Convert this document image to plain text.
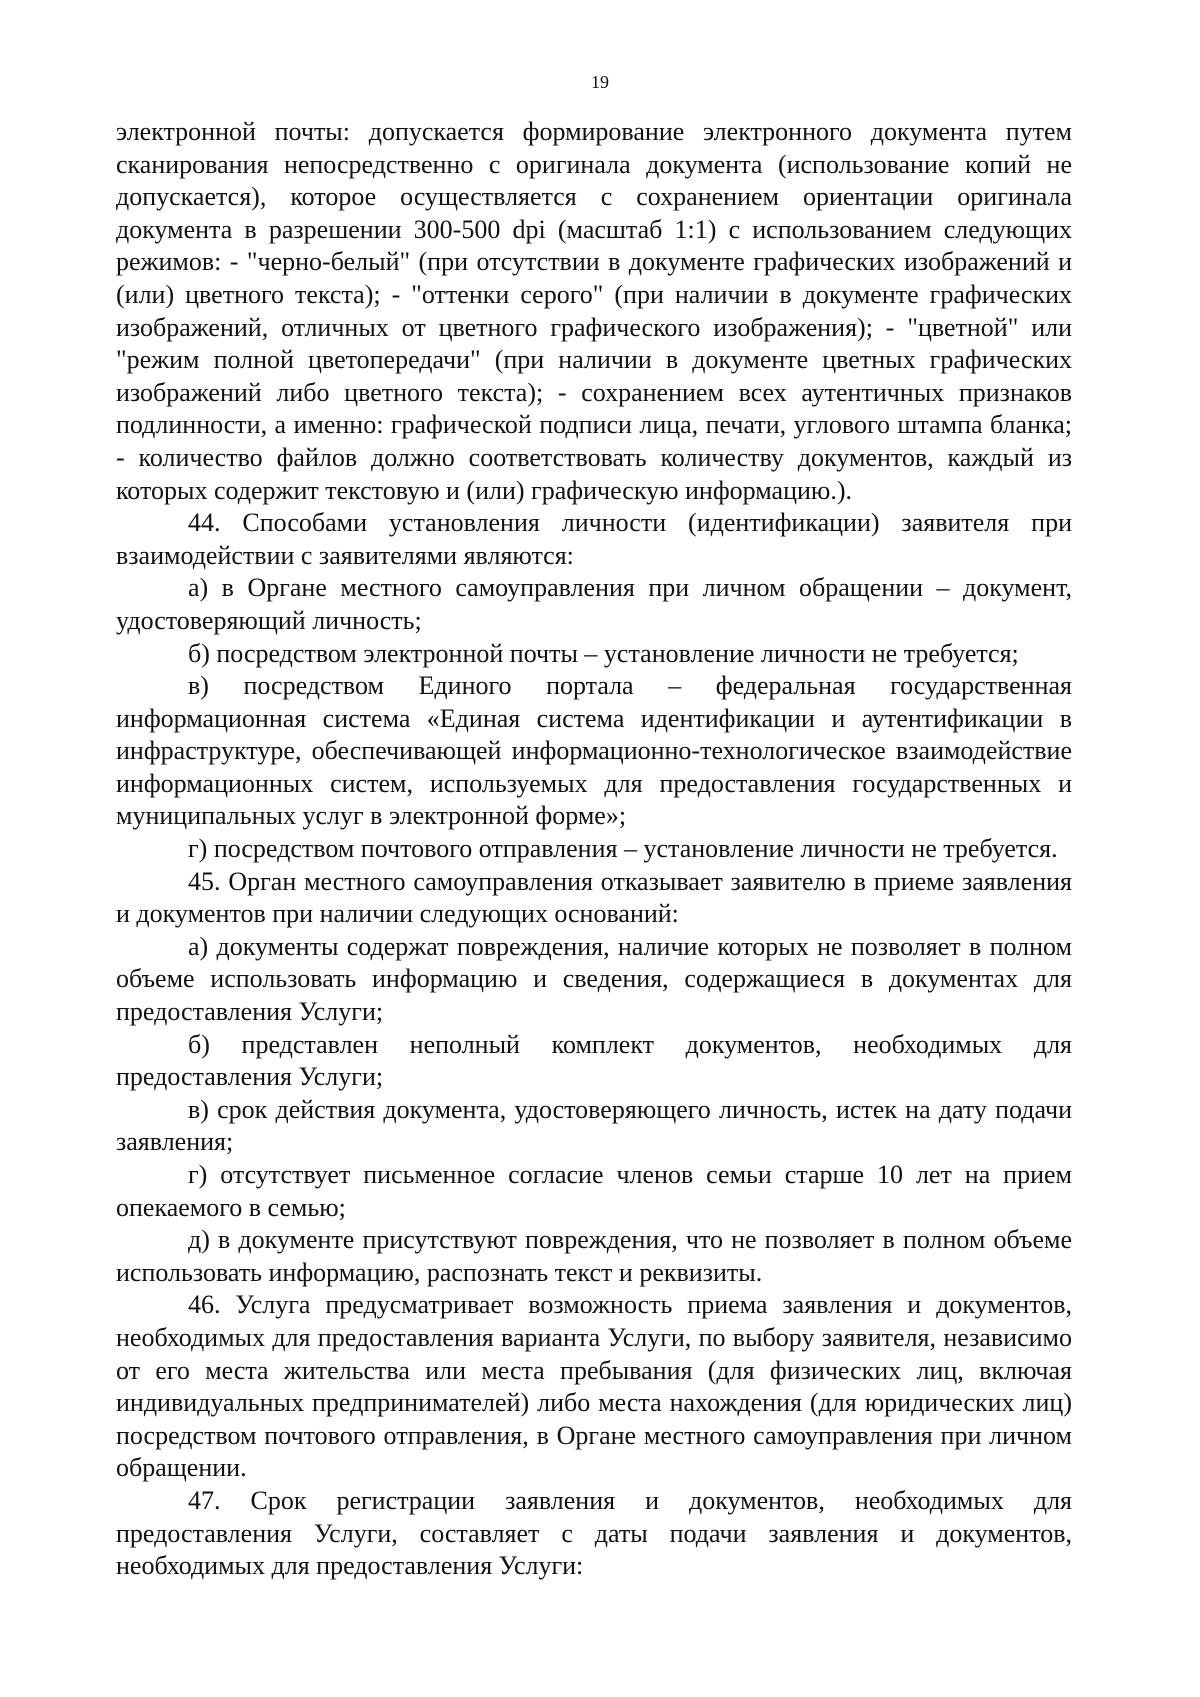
19

электронной почты: допускается формирование электронного документа путем сканирования непосредственно с оригинала документа (использование копий не допускается), которое осуществляется с сохранением ориентации оригинала документа в разрешении 300-500 dpi (масштаб 1:1) с использованием следующих режимов: - "черно-белый" (при отсутствии в документе графических изображений и (или) цветного текста); - "оттенки серого" (при наличии в документе графических изображений, отличных от цветного графического изображения); - "цветной" или "режим полной цветопередачи" (при наличии в документе цветных графических изображений либо цветного текста); - сохранением всех аутентичных признаков подлинности, а именно: графической подписи лица, печати, углового штампа бланка; - количество файлов должно соответствовать количеству документов, каждый из которых содержит текстовую и (или) графическую информацию.).

44. Способами установления личности (идентификации) заявителя при взаимодействии с заявителями являются:

а) в Органе местного самоуправления при личном обращении – документ, удостоверяющий личность;

б) посредством электронной почты – установление личности не требуется;

в) посредством Единого портала – федеральная государственная информационная система «Единая система идентификации и аутентификации в инфраструктуре, обеспечивающей информационно-технологическое взаимодействие информационных систем, используемых для предоставления государственных и муниципальных услуг в электронной форме»;

г) посредством почтового отправления – установление личности не требуется.

45. Орган местного самоуправления отказывает заявителю в приеме заявления и документов при наличии следующих оснований:

а) документы содержат повреждения, наличие которых не позволяет в полном объеме использовать информацию и сведения, содержащиеся в документах для предоставления Услуги;

б) представлен неполный комплект документов, необходимых для предоставления Услуги;

в) срок действия документа, удостоверяющего личность, истек на дату подачи заявления;

г) отсутствует письменное согласие членов семьи старше 10 лет на прием опекаемого в семью;

д) в документе присутствуют повреждения, что не позволяет в полном объеме использовать информацию, распознать текст и реквизиты.

46. Услуга предусматривает возможность приема заявления и документов, необходимых для предоставления варианта Услуги, по выбору заявителя, независимо от его места жительства или места пребывания (для физических лиц, включая индивидуальных предпринимателей) либо места нахождения (для юридических лиц) посредством почтового отправления, в Органе местного самоуправления при личном обращении.

47. Срок регистрации заявления и документов, необходимых для предоставления Услуги, составляет с даты подачи заявления и документов, необходимых для предоставления Услуги:
